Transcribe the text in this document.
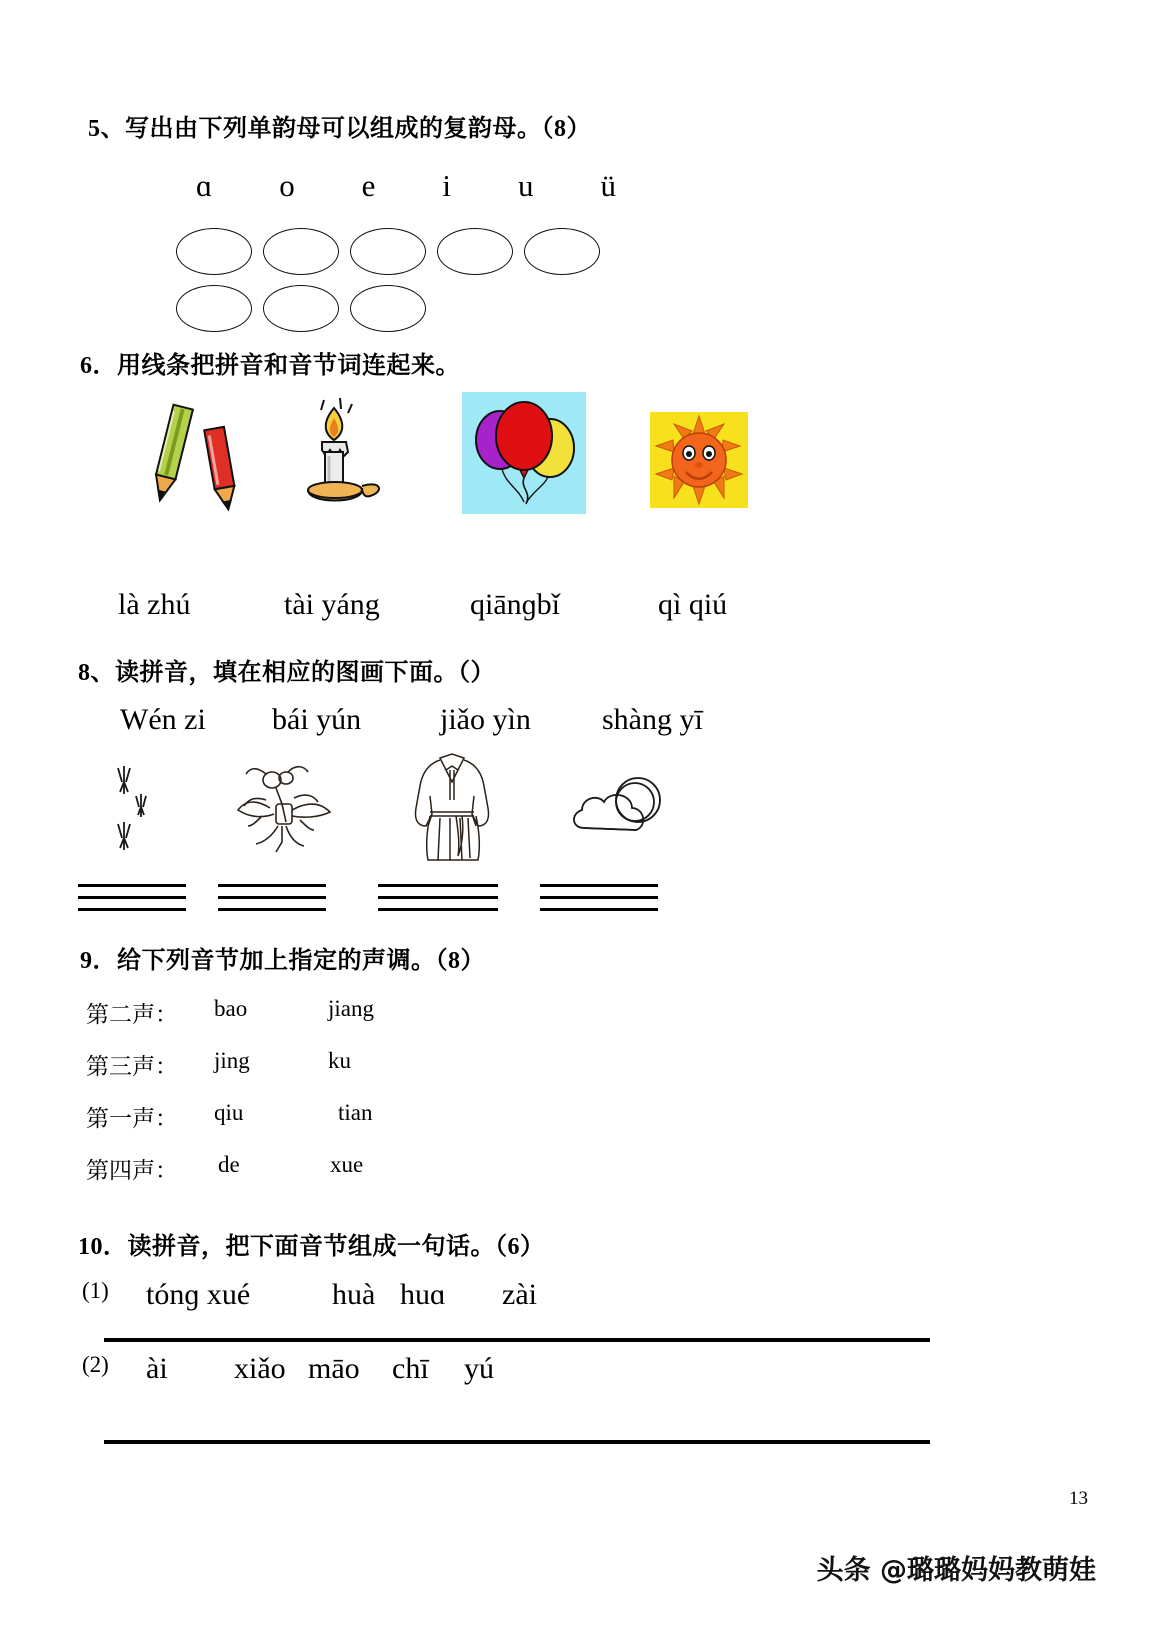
5、写出由下列单韵母可以组成的复韵母。（8）
ɑ o e i u ü
6．用线条把拼音和音节词连起来。
là zhú	tài yáng	qiānɡbǐ	qì qiú
8、读拼音，填在相应的图画下面。（）
Wén zi bái yún	jiǎo yìn shàng yī
9．给下列音节加上指定的声调。（8）
第二声： bao	jiang
第三声： jing	ku
第一声： qiu	tian
第四声： de	xue
10．读拼音，把下面音节组成一句话。（6）
(1) tónɡ xué	huà huɑ zài
(2) ài xiǎo māo chī yú
13
头条 @璐璐妈妈教萌娃
